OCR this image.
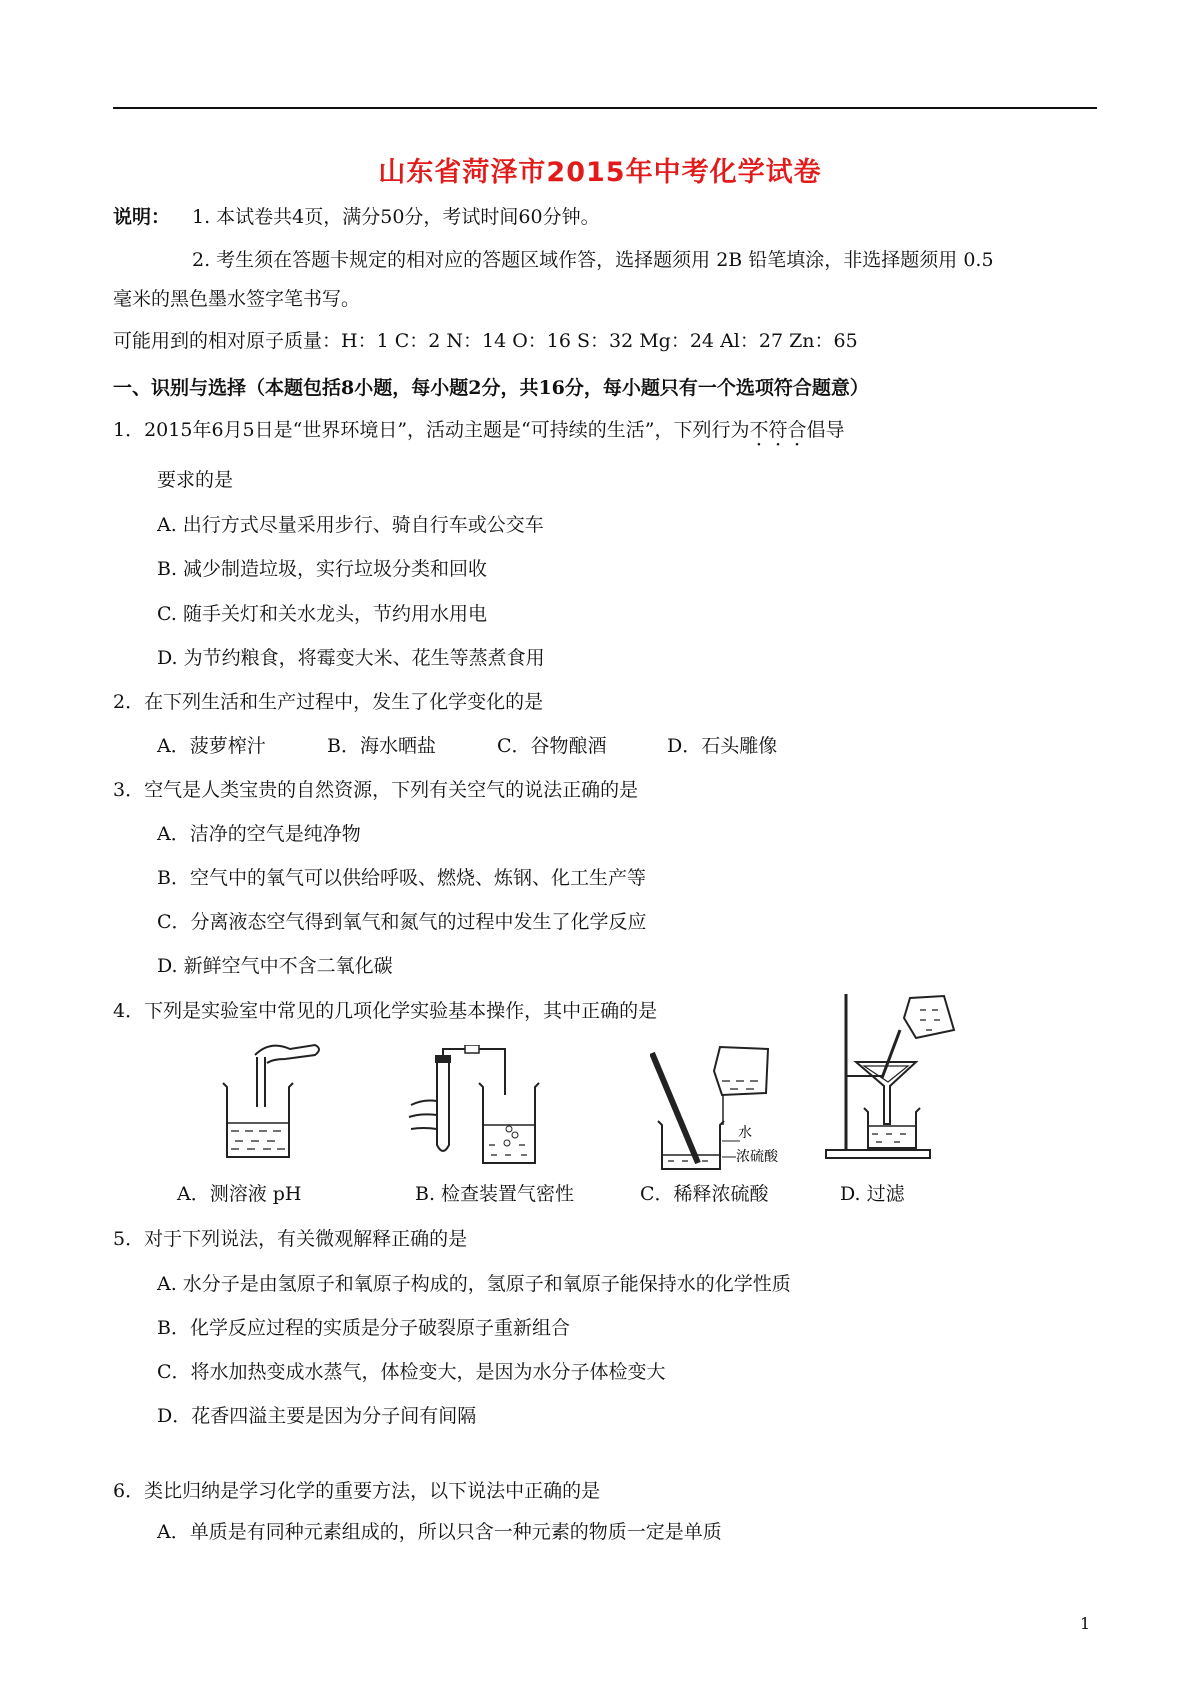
山东省菏泽市2015年中考化学试卷
说明： 1. 本试卷共4页，满分50分，考试时间60分钟。
2. 考生须在答题卡规定的相对应的答题区域作答，选择题须用 2B 铅笔填涂，非选择题须用 0.5
毫米的黑色墨水签字笔书写。
可能用到的相对原子质量：H：1 C：2 N：14 O：16 S：32 Mg：24 Al：27 Zn：65
一、识别与选择（本题包括8小题，每小题2分，共16分，每小题只有一个选项符合题意）
1．2015年6月5日是“世界环境日”，活动主题是“可持续的生活”，下列行为不符合倡导
要求的是
A. 出行方式尽量采用步行、骑自行车或公交车
B. 减少制造垃圾，实行垃圾分类和回收
C. 随手关灯和关水龙头，节约用水用电
D. 为节约粮食，将霉变大米、花生等蒸煮食用
2．在下列生活和生产过程中，发生了化学变化的是
A．菠萝榨汁	B．海水晒盐	C．谷物酿酒	D．石头雕像
3．空气是人类宝贵的自然资源，下列有关空气的说法正确的是
A．洁净的空气是纯净物
B．空气中的氧气可以供给呼吸、燃烧、炼钢、化工生产等
C．分离液态空气得到氧气和氮气的过程中发生了化学反应
D. 新鲜空气中不含二氧化碳
4．下列是实验室中常见的几项化学实验基本操作，其中正确的是
A．测溶液 pH	B. 检查装置气密性
水
浓硫酸
C．稀释浓硫酸	D. 过滤
5．对于下列说法，有关微观解释正确的是
A. 水分子是由氢原子和氧原子构成的，氢原子和氧原子能保持水的化学性质
B．化学反应过程的实质是分子破裂原子重新组合
C．将水加热变成水蒸气，体检变大，是因为水分子体检变大
D．花香四溢主要是因为分子间有间隔
6．类比归纳是学习化学的重要方法，以下说法中正确的是
A．单质是有同种元素组成的，所以只含一种元素的物质一定是单质
1
